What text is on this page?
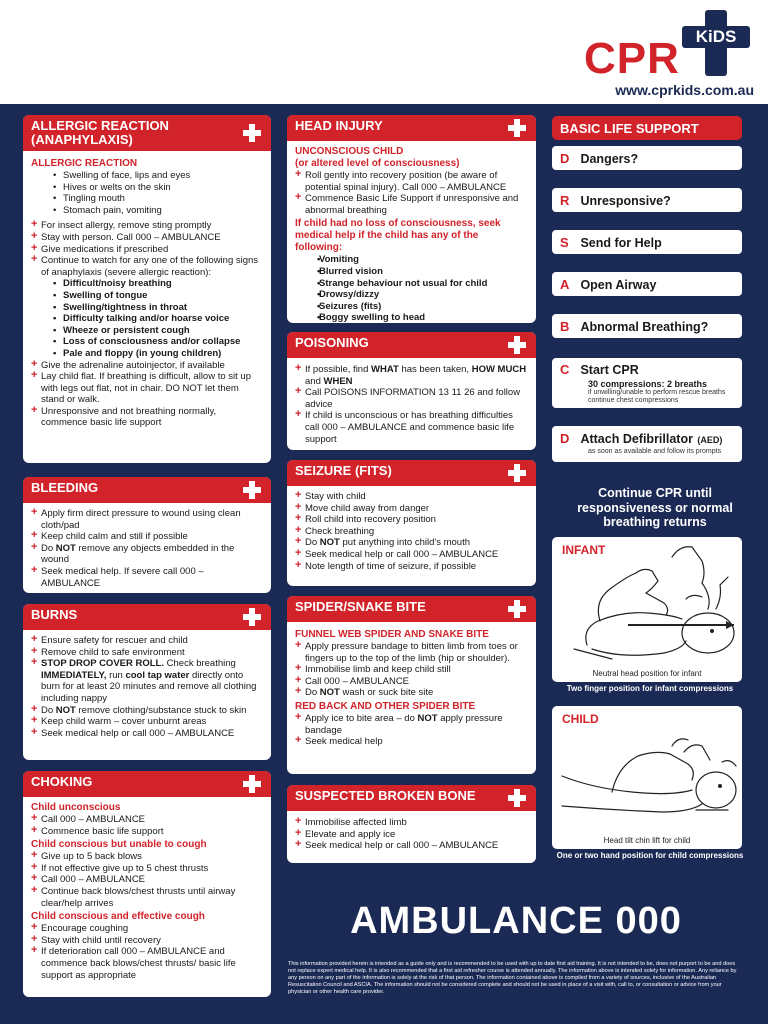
CPR KiDS
www.cprkids.com.au
ALLERGIC REACTION
(ANAPHYLAXIS)
ALLERGIC REACTION
• Swelling of face, lips and eyes
• Hives or welts on the skin
• Tingling mouth
• Stomach pain, vomiting
+ For insect allergy, remove sting promptly
+ Stay with person. Call 000 – AMBULANCE
+ Give medications if prescribed
+ Continue to watch for any one of the following signs of anaphylaxis (severe allergic reaction):
• Difficult/noisy breathing
• Swelling of tongue
• Swelling/tightness in throat
• Difficulty talking and/or hoarse voice
• Wheeze or persistent cough
• Loss of consciousness and/or collapse
• Pale and floppy (in young children)
+ Give the adrenaline autoinjector, if available
+ Lay child flat. If breathing is difficult, allow to sit up with legs out flat, not in chair. DO NOT let them stand or walk.
+ Unresponsive and not breathing normally, commence basic life support
BLEEDING
+ Apply firm direct pressure to wound using clean cloth/pad
+ Keep child calm and still if possible
+ Do NOT remove any objects embedded in the wound
+ Seek medical help. If severe call 000 – AMBULANCE
BURNS
+ Ensure safety for rescuer and child
+ Remove child to safe environment
+ STOP DROP COVER ROLL. Check breathing IMMEDIATELY, run cool tap water directly onto burn for at least 20 minutes and remove all clothing including nappy
+ Do NOT remove clothing/substance stuck to skin
+ Keep child warm – cover unburnt areas
+ Seek medical help or call 000 – AMBULANCE
CHOKING
Child unconscious
+ Call 000 – AMBULANCE
+ Commence basic life support
Child conscious but unable to cough
+ Give up to 5 back blows
+ If not effective give up to 5 chest thrusts
+ Call 000 – AMBULANCE
+ Continue back blows/chest thrusts until airway clear/help arrives
Child conscious and effective cough
+ Encourage coughing
+ Stay with child until recovery
+ If deterioration call 000 – AMBULANCE and commence back blows/chest thrusts/ basic life support as appropriate
HEAD INJURY
UNCONSCIOUS CHILD
(or altered level of consciousness)
+ Roll gently into recovery position (be aware of potential spinal injury). Call 000 – AMBULANCE
+ Commence Basic Life Support if unresponsive and abnormal breathing
If child had no loss of consciousness, seek medical help if the child has any of the following:
• Vomiting
• Blurred vision
• Strange behaviour not usual for child
• Drowsy/dizzy
• Seizures (fits)
• Boggy swelling to head
POISONING
+ If possible, find WHAT has been taken, HOW MUCH and WHEN
+ Call POISONS INFORMATION 13 11 26 and follow advice
+ If child is unconscious or has breathing difficulties call 000 – AMBULANCE and commence basic life support
SEIZURE (FITS)
+ Stay with child
+ Move child away from danger
+ Roll child into recovery position
+ Check breathing
+ Do NOT put anything into child's mouth
+ Seek medical help or call 000 – AMBULANCE
+ Note length of time of seizure, if possible
SPIDER/SNAKE BITE
FUNNEL WEB SPIDER AND SNAKE BITE
+ Apply pressure bandage to bitten limb from toes or fingers up to the top of the limb (hip or shoulder).
+ Immobilise limb and keep child still
+ Call 000 – AMBULANCE
+ Do NOT wash or suck bite site
RED BACK AND OTHER SPIDER BITE
+ Apply ice to bite area – do NOT apply pressure bandage
+ Seek medical help
SUSPECTED BROKEN BONE
+ Immobilise affected limb
+ Elevate and apply ice
+ Seek medical help or call 000 – AMBULANCE
BASIC LIFE SUPPORT
D Dangers?
R Unresponsive?
S Send for Help
A Open Airway
B Abnormal Breathing?
C Start CPR
30 compressions: 2 breaths
if unwilling/unable to perform rescue breaths continue chest compressions
D Attach Defibrillator (AED)
as soon as available and follow its prompts
Continue CPR until responsiveness or normal breathing returns
INFANT
Neutral head position for infant
Two finger position for infant compressions
CHILD
Head tilt chin lift for child
One or two hand position for child compressions
AMBULANCE 000
This information provided herein is intended as a guide only and is recommended to be used with up to date first aid training. It is not intended to be, does not purport to be and does not replace expert medical help. It is also recommended that a first aid refresher course is attended annually. The information above is intended solely for information. Any reliance by any person on any part of the information is solely at the risk of that person. The information contained above is compiled from a variety of sources, inclusive of the Australian Resuscitation Council and ASCIA. The information should not be considered complete and should not be used in place of a visit with, call to, or consultation or advice from your physician or other health care provider.
